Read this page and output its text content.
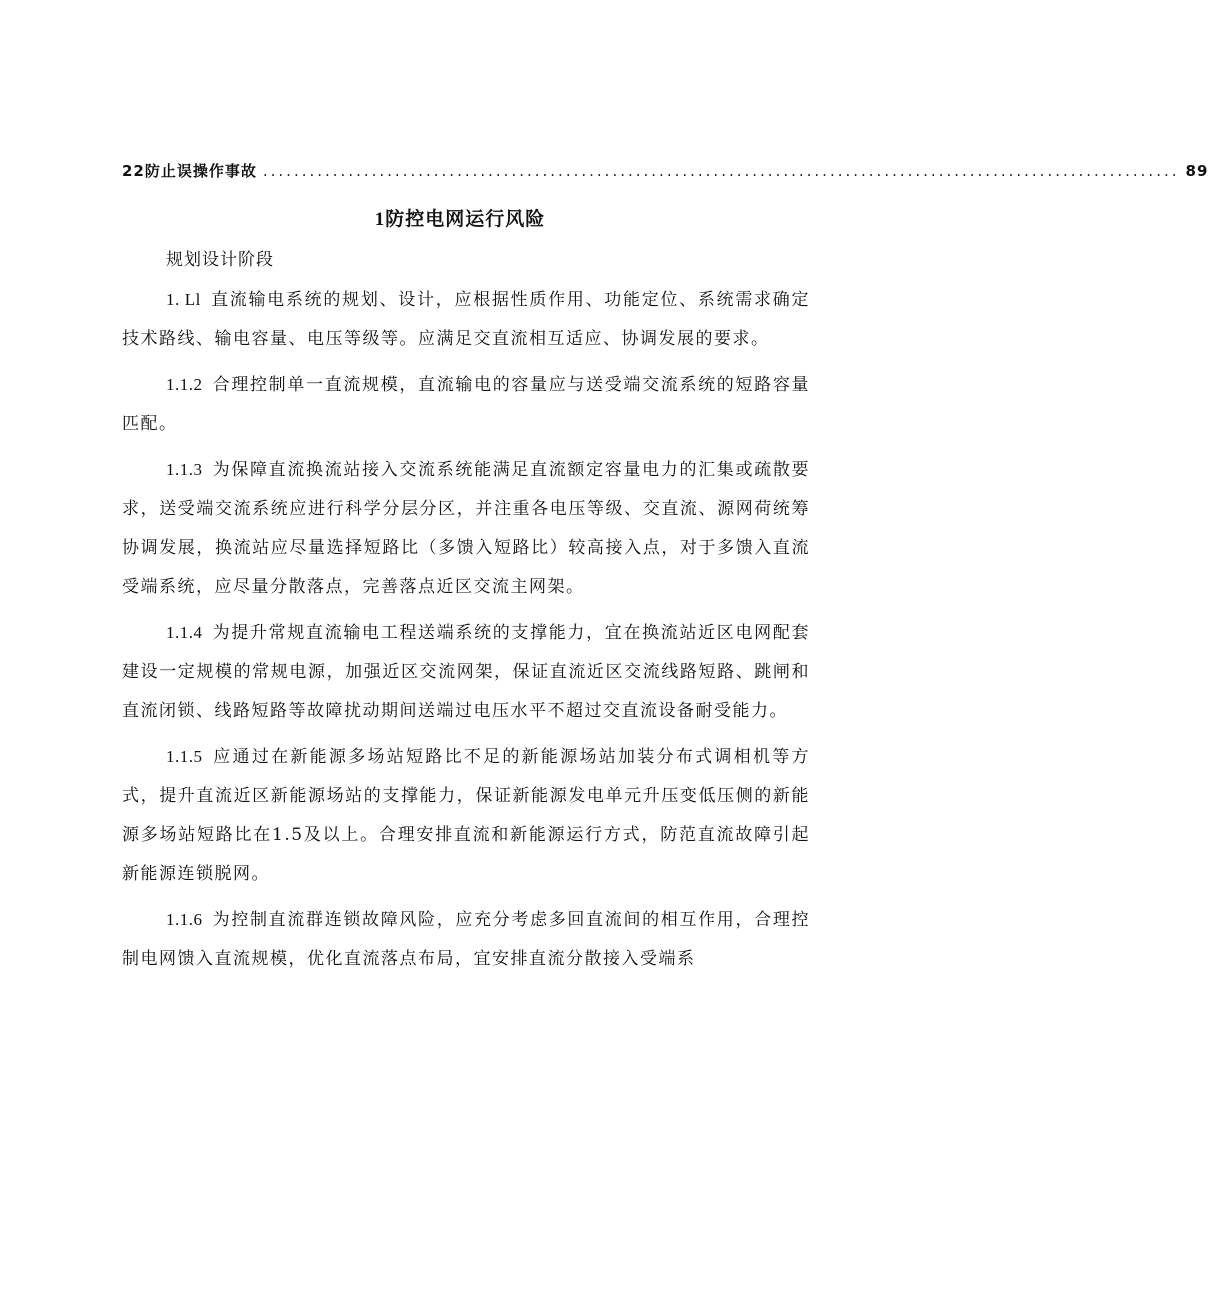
22防止误操作事故 ...................................................................................................................... 89
1防控电网运行风险
规划设计阶段

1. Ll 直流输电系统的规划、设计，应根据性质作用、功能定位、系统需求确定技术路线、输电容量、电压等级等。应满足交直流相互适应、协调发展的要求。

1.1.2 合理控制单一直流规模，直流输电的容量应与送受端交流系统的短路容量匹配。

1.1.3 为保障直流换流站接入交流系统能满足直流额定容量电力的汇集或疏散要求，送受端交流系统应进行科学分层分区，并注重各电压等级、交直流、源网荷统筹协调发展，换流站应尽量选择短路比（多馈入短路比）较高接入点，对于多馈入直流受端系统，应尽量分散落点，完善落点近区交流主网架。

1.1.4 为提升常规直流输电工程送端系统的支撑能力，宜在换流站近区电网配套建设一定规模的常规电源，加强近区交流网架，保证直流近区交流线路短路、跳闸和直流闭锁、线路短路等故障扰动期间送端过电压水平不超过交直流设备耐受能力。

1.1.5 应通过在新能源多场站短路比不足的新能源场站加装分布式调相机等方式，提升直流近区新能源场站的支撑能力，保证新能源发电单元升压变低压侧的新能源多场站短路比在1.5及以上。合理安排直流和新能源运行方式，防范直流故障引起新能源连锁脱网。

1.1.6 为控制直流群连锁故障风险，应充分考虑多回直流间的相互作用，合理控制电网馈入直流规模，优化直流落点布局，宜安排直流分散接入受端系
